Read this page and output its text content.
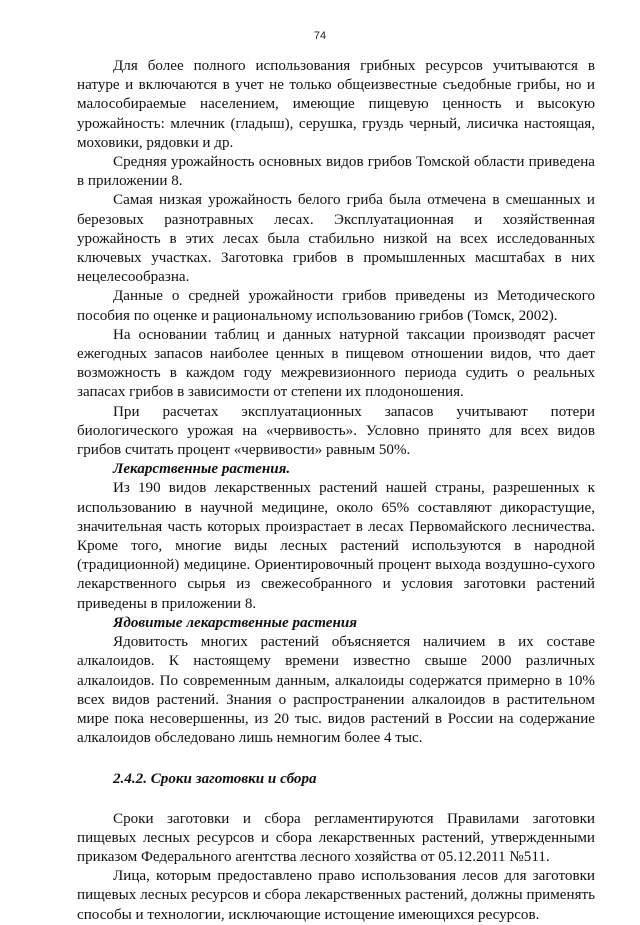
74

Для более полного использования грибных ресурсов учитываются в натуре и включаются в учет не только общеизвестные съедобные грибы, но и малособираемые населением, имеющие пищевую ценность и высокую урожайность: млечник (гладыш), серушка, груздь черный, лисичка настоящая, моховики, рядовки и др.

Средняя урожайность основных видов грибов Томской области приведена в приложении 8.

Самая низкая урожайность белого гриба была отмечена в смешанных и березовых разнотравных лесах. Эксплуатационная и хозяйственная урожайность в этих лесах была стабильно низкой на всех исследованных ключевых участках. Заготовка грибов в промышленных масштабах в них нецелесообразна.

Данные о средней урожайности грибов приведены из Методического пособия по оценке и рациональному использованию грибов (Томск, 2002).

На основании таблиц и данных натурной таксации производят расчет ежегодных запасов наиболее ценных в пищевом отношении видов, что дает возможность в каждом году межревизионного периода судить о реальных запасах грибов в зависимости от степени их плодоношения.

При расчетах эксплуатационных запасов учитывают потери биологического урожая на «червивость». Условно принято для всех видов грибов считать процент «червивости» равным 50%.

Лекарственные растения.

Из 190 видов лекарственных растений нашей страны, разрешенных к использованию в научной медицине, около 65% составляют дикорастущие, значительная часть которых произрастает в лесах Первомайского лесничества. Кроме того, многие виды лесных растений используются в народной (традиционной) медицине. Ориентировочный процент выхода воздушно-сухого лекарственного сырья из свежесобранного и условия заготовки растений приведены в приложении 8.

Ядовитые лекарственные растения

Ядовитость многих растений объясняется наличием в их составе алкалоидов. К настоящему времени известно свыше 2000 различных алкалоидов. По современным данным, алкалоиды содержатся примерно в 10% всех видов растений. Знания о распространении алкалоидов в растительном мире пока несовершенны, из 20 тыс. видов растений в России на содержание алкалоидов обследовано лишь немногим более 4 тыс.

2.4.2. Сроки заготовки и сбора

Сроки заготовки и сбора регламентируются Правилами заготовки пищевых лесных ресурсов и сбора лекарственных растений, утвержденными приказом Федерального агентства лесного хозяйства от 05.12.2011 №511.

Лица, которым предоставлено право использования лесов для заготовки пищевых лесных ресурсов и сбора лекарственных растений, должны применять способы и технологии, исключающие истощение имеющихся ресурсов.
